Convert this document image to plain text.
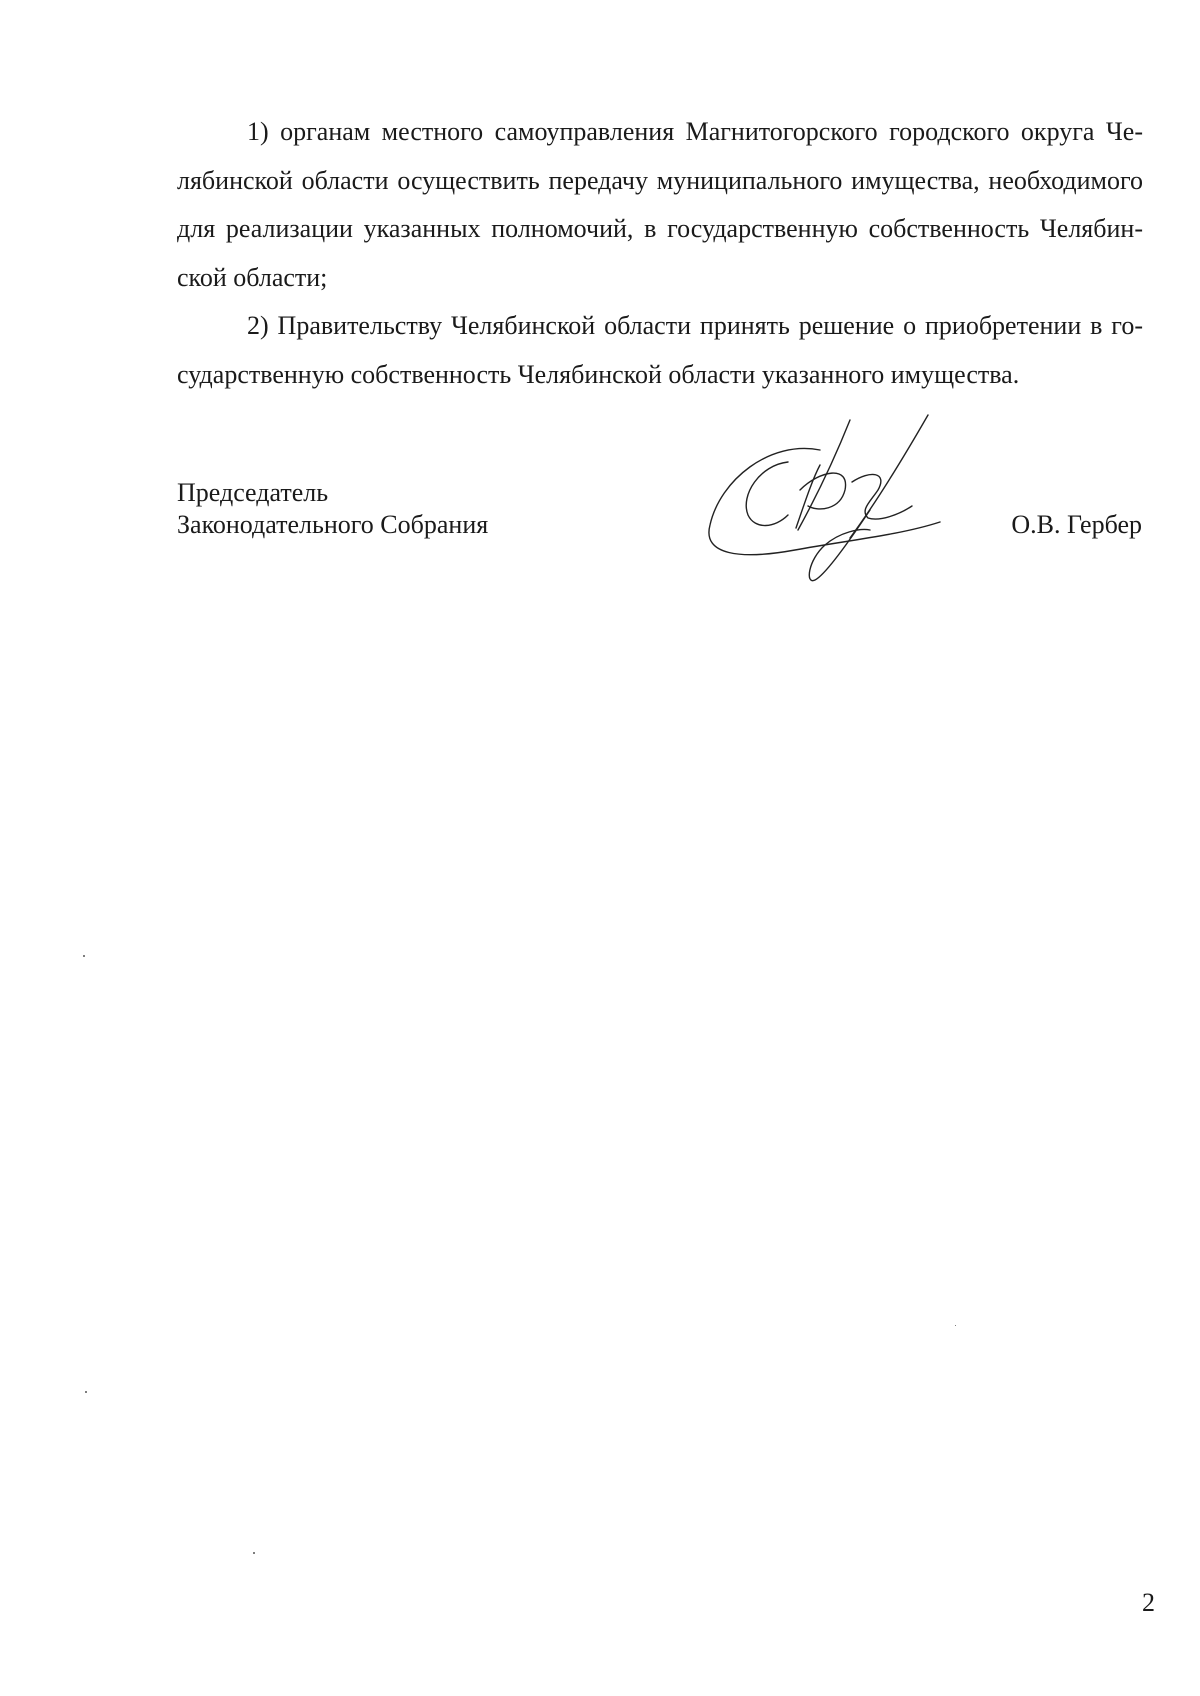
1) органам местного самоуправления Магнитогорского городского округа Челябинской области осуществить передачу муниципального имущества, необходимого для реализации указанных полномочий, в государственную собственность Челябинской области;

2) Правительству Челябинской области принять решение о приобретении в государственную собственность Челябинской области указанного имущества.

Председатель
Законодательного Собрания	О.В. Гербер
2
